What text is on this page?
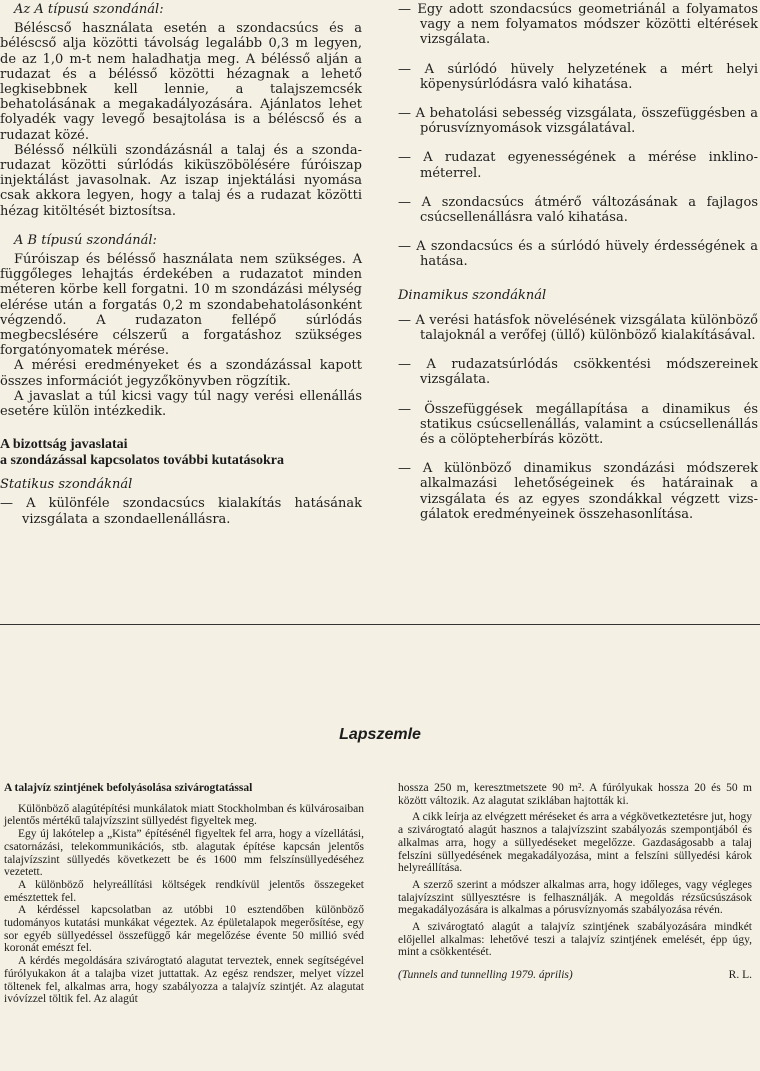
Az A típusú szondánál:

Béléscső használata esetén a szondacsúcs és a béléscső alja közötti távolság legalább 0,3 m legyen, de az 1,0 m-t nem haladhatja meg. A bélésső alján a rudazat és a bélésső közötti hézagnak a lehető legkisebbnek kell lennie, a talajszemcsék behatolásának a megakadályozására. Ajánlatos lehet folyadék vagy levegő besajtolása is a béléscső és a rudazat közé.

Bélésső nélküli szondázásnál a talaj és a szondarudazat közötti súrlódás kiküszöbölésére fúróiszap injektálást javasolnak. Az iszap injektálási nyomása csak akkora legyen, hogy a talaj és a rudazat közötti hézag kitöltését biztosítsa.

A B típusú szondánál:

Fúróiszap és bélésső használata nem szükséges. A függőleges lehajtás érdekében a rudazatot minden méteren körbe kell forgatni. 10 m szondázási mélység elérése után a forgatás 0,2 m szondabehatolásonként végzendő. A rudazaton fellépő súrlódás megbecslésére célszerű a forgatáshoz szükséges forgatónyomatek mérése.

A mérési eredményeket és a szondázással kapott összes információt jegyzőkönyvben rögzítik.

A javaslat a túl kicsi vagy túl nagy verési ellenállás esetére külön intézkedik.

A bizottság javaslatai

a szondázással kapcsolatos további kutatásokra

Statikus szondáknál

— A különféle szondacsúcs kialakítás hatásának vizsgálata a szondaellenállásra.

— Egy adott szondacsúcs geometriánál a folyamatos vagy a nem folyamatos módszer közötti eltérések vizsgálata.

— A súrlódó hüvely helyzetének a mért helyi köpenysúrlódásra való kihatása.

— A behatolási sebesség vizsgálata, összefüggésben a pórusvíznyomások vizsgálatával.

— A rudazat egyenességének a mérése inklinométerrel.

— A szondacsúcs átmérő változásának a fajlagos csúcsellenállásra való kihatása.

— A szondacsúcs és a súrlódó hüvely érdességének a hatása.

Dinamikus szondáknál

— A verési hatásfok növelésének vizsgálata különböző talajoknál a verőfej (üllő) különböző kialakításával.

— A rudazatsúrlódás csökkentési módszereinek vizsgálata.

— Összefüggések megállapítása a dinamikus és statikus csúcsellenállás, valamint a csúcsellenállás és a cölöpteherbírás között.

— A különböző dinamikus szondázási módszerek alkalmazási lehetőségeinek és határainak a vizsgálata és az egyes szondákkal végzett vizsgálatok eredményeinek összehasonlítása.

Lapszemle

A talajvíz szintjének befolyásolása szivárogtatással

Különböző alagútépítési munkálatok miatt Stockholmban és külvárosaiban jelentős mértékű talajvízszint süllyedést figyeltek meg.

Egy új lakótelep a „Kista” építésénél figyeltek fel arra, hogy a vízellátási, csatornázási, telekommunikációs, stb. alagutak építése kapcsán jelentős talajvízszint süllyedés következett be és 1600 mm felszínsüllyedéséhez vezetett.

A különböző helyreállítási költségek rendkívül jelentős összegeket emésztettek fel.

A kérdéssel kapcsolatban az utóbbi 10 esztendőben különböző tudományos kutatási munkákat végeztek. Az épületalapok megerősítése, egy sor egyéb süllyedéssel összefüggő kár megelőzése évente 50 millió svéd koronát emészt fel.

A kérdés megoldására szivárogtató alagutat terveztek, ennek segítségével fúrólyukakon át a talajba vizet juttattak. Az egész rendszer, melyet vízzel töltenek fel, alkalmas arra, hogy szabályozza a talajvíz szintjét. Az alagutat ivóvízzel töltik fel. Az alagút

hossza 250 m, keresztmetszete 90 m². A fúrólyukak hossza 20 és 50 m között változik. Az alagutat sziklában hajtották ki.

A cikk leírja az elvégzett méréseket és arra a végkövetkeztetésre jut, hogy a szivárogtató alagút hasznos a talajvízszint szabályozás szempontjából és alkalmas arra, hogy a süllyedéseket megelőzze. Gazdaságosabb a talaj felszíni süllyedésének megakadályozása, mint a felszíni süllyedési károk helyreállítása.

A szerző szerint a módszer alkalmas arra, hogy időleges, vagy végleges talajvízszint süllyesztésre is felhasználják. A megoldás rézsűcsúszások megakadályozására is alkalmas a pórusvíznyomás szabályozása révén.

A szivárogtató alagút a talajvíz szintjének szabályozására mindkét előjellel alkalmas: lehetővé teszi a talajvíz szintjének emelését, épp úgy, mint a csökkentését.

(Tunnels and tunnelling 1979. április)	R. L.
